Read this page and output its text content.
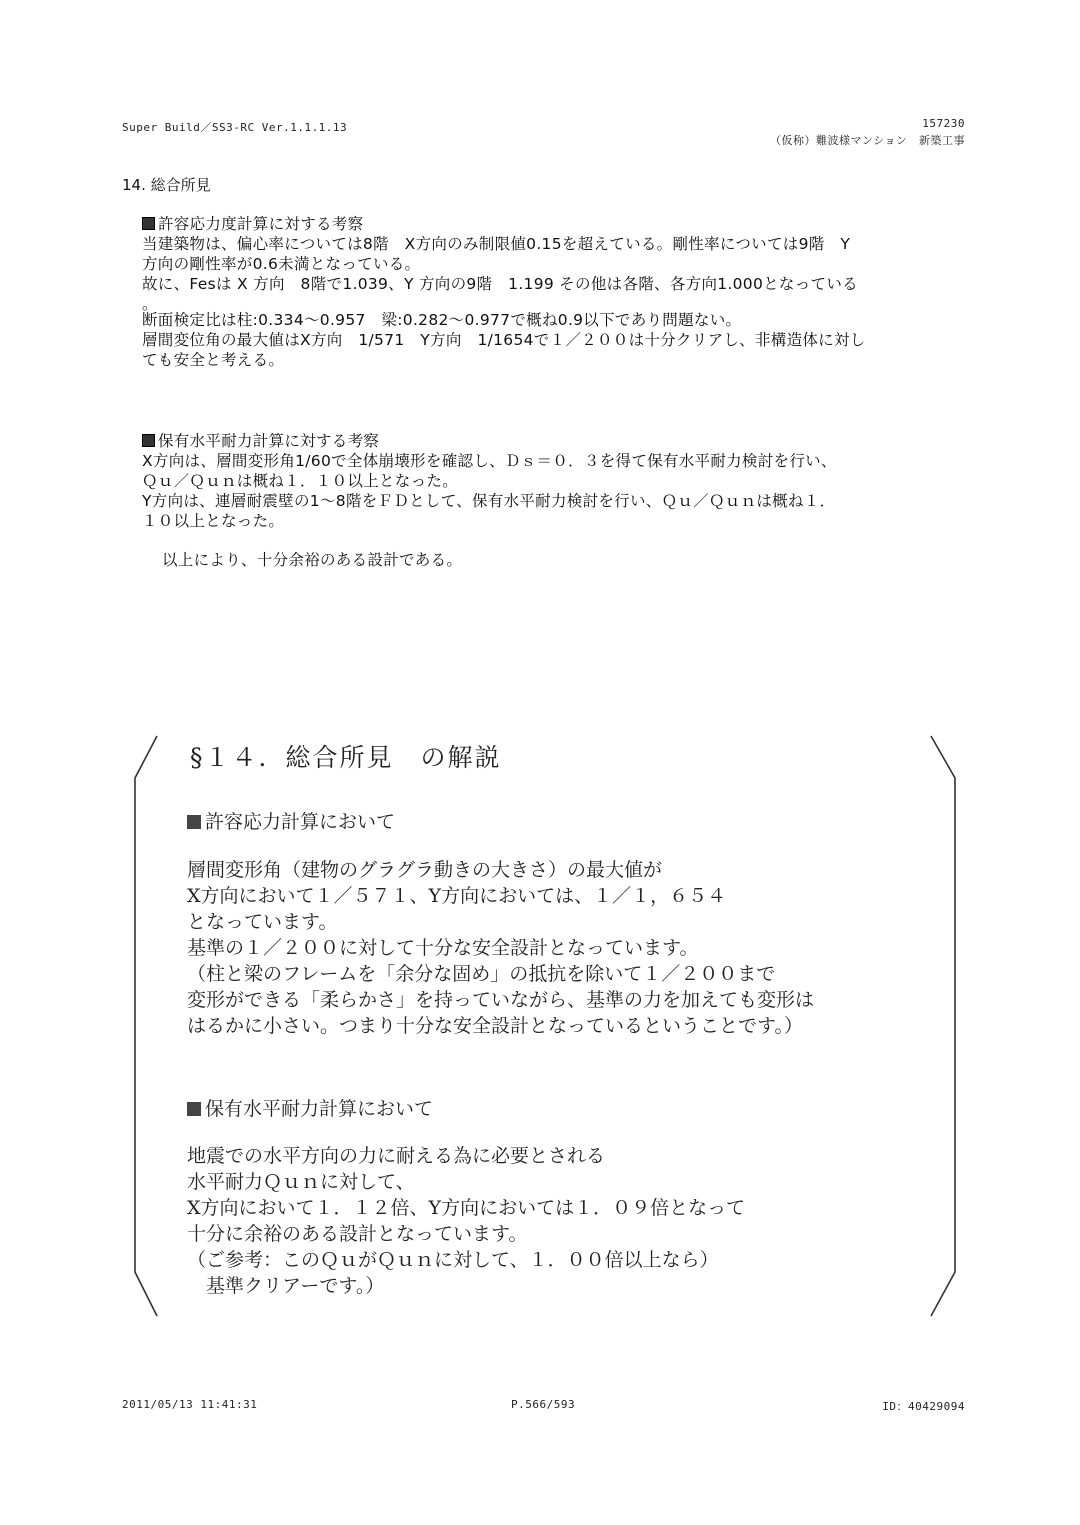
Super Build／SS3-RC Ver.1.1.1.13	157230
（仮称）難波様マンション　新築工事
14. 総合所見
許容応力度計算に対する考察
当建築物は、偏心率については8階　X方向のみ制限値0.15を超えている。剛性率については9階　Y
方向の剛性率が0.6未満となっている。
故に、Fesは X 方向　8階で1.039、Y 方向の9階　1.199 その他は各階、各方向1.000となっている
。
断面検定比は柱:0.334～0.957　梁:0.282～0.977で概ね0.9以下であり問題ない。
層間変位角の最大値はX方向　1/571　Y方向　1/1654で１／２００は十分クリアし、非構造体に対し
ても安全と考える。
保有水平耐力計算に対する考察
X方向は、層間変形角1/60で全体崩壊形を確認し、Ｄｓ＝０．３を得て保有水平耐力検討を行い、
Ｑｕ／Ｑｕｎは概ね１．１０以上となった。
Y方向は、連層耐震壁の1～8階をＦＤとして、保有水平耐力検討を行い、Ｑｕ／Ｑｕｎは概ね１．
１０以上となった。
以上により、十分余裕のある設計である。
§１４．総合所見　の解説
許容応力計算において
層間変形角（建物のグラグラ動きの大きさ）の最大値が
X方向において１／５７１、Y方向においては、１／１，６５４
となっています。
基準の１／２００に対して十分な安全設計となっています。
（柱と梁のフレームを「余分な固め」の抵抗を除いて１／２００まで
変形ができる「柔らかさ」を持っていながら、基準の力を加えても変形は
はるかに小さい。つまり十分な安全設計となっているということです。）
保有水平耐力計算において
地震での水平方向の力に耐える為に必要とされる
水平耐力Ｑｕｎに対して、
X方向において１．１２倍、Y方向においては１．０９倍となって
十分に余裕のある設計となっています。
（ご参考：このＱｕがＱｕｎに対して、１．００倍以上なら）
　基準クリアーです。）
2011/05/13 11:41:31	P.566/593	ID：40429094
